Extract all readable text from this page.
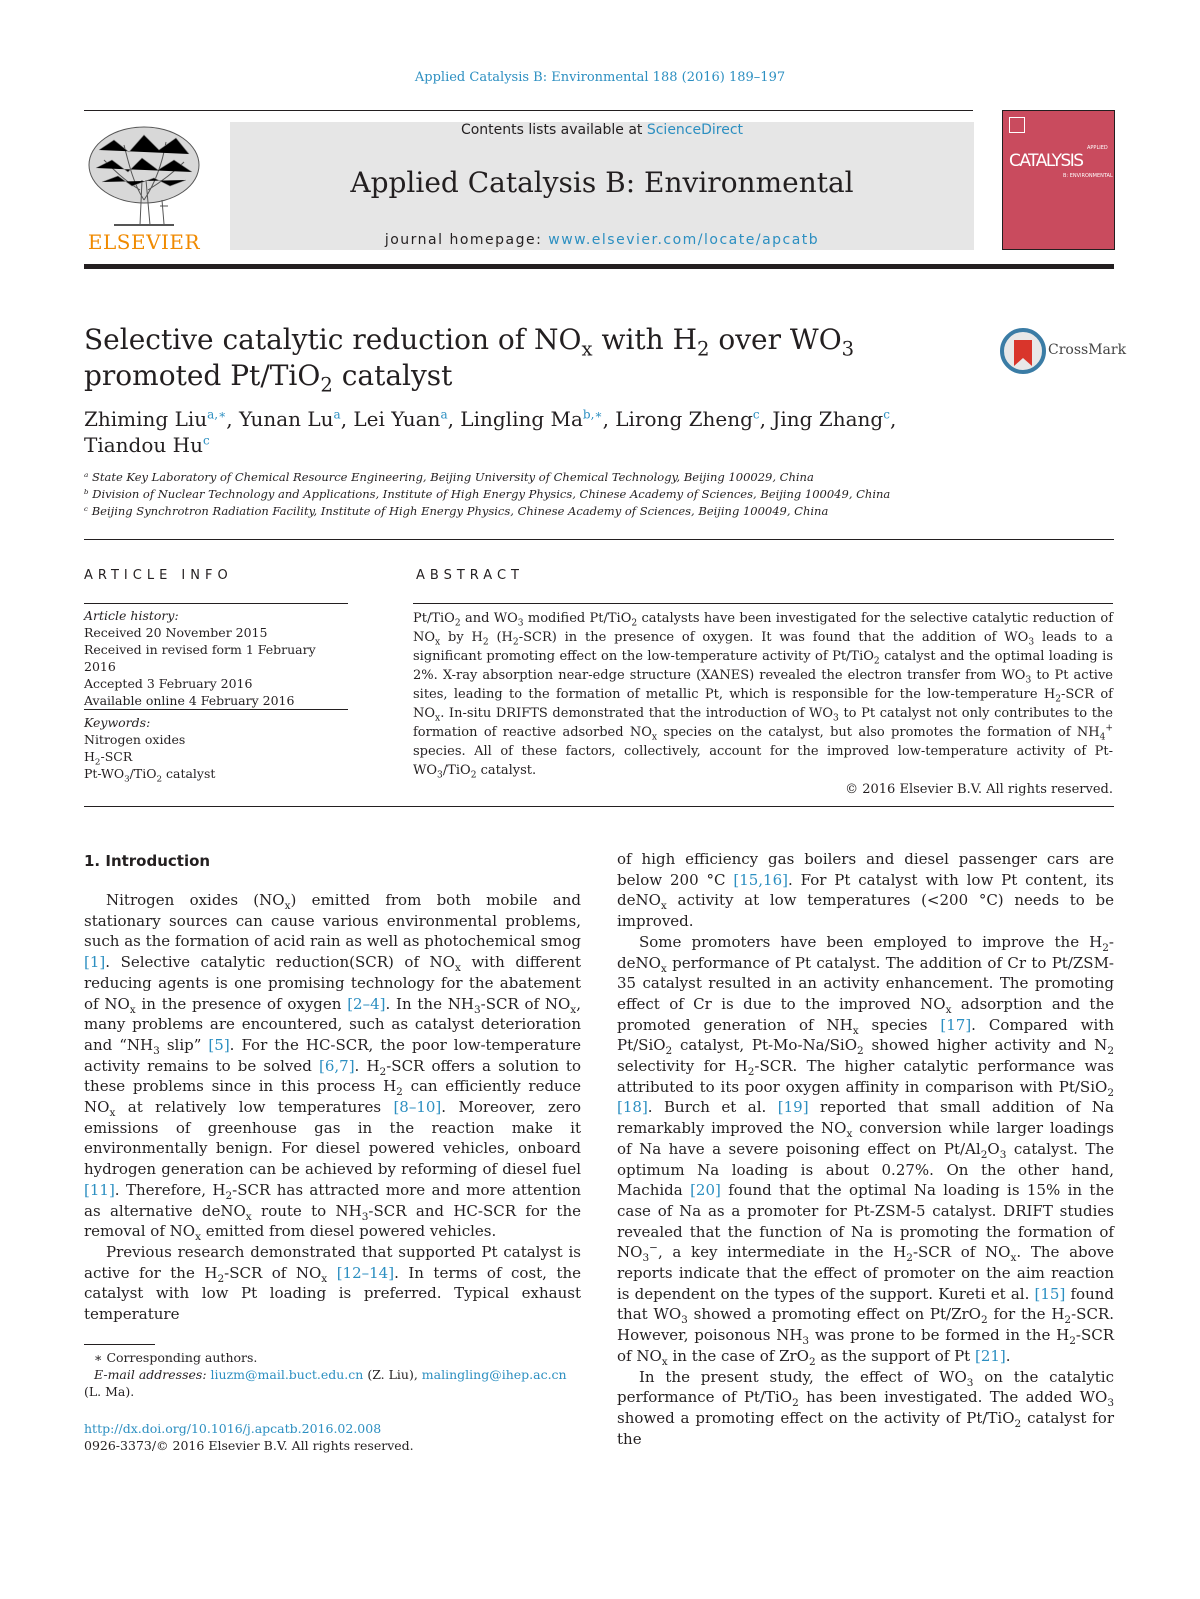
Applied Catalysis B: Environmental 188 (2016) 189–197
ELSEVIER
Contents lists available at ScienceDirect
Applied Catalysis B: Environmental
journal homepage: www.elsevier.com/locate/apcatb
APPLIED
CATALYSIS
B: ENVIRONMENTAL
Selective catalytic reduction of $NO_x$ with $H_2$ over $WO_3$ promoted Pt/TiO$_2$ catalyst
CrossMark
Zhiming Liu$^{a,∗}$, Yunan Lu$^a$, Lei Yuan$^a$, Lingling $Ma^{b,∗}$, Lirong Zheng$^c$, Jing Zhang$^c$, Tiandou Hu$^c$
ᵃ State Key Laboratory of Chemical Resource Engineering, Beijing University of Chemical Technology, Beijing 100029, China
ᵇ Division of Nuclear Technology and Applications, Institute of High Energy Physics, Chinese Academy of Sciences, Beijing 100049, China
ᶜ Beijing Synchrotron Radiation Facility, Institute of High Energy Physics, Chinese Academy of Sciences, Beijing 100049, China
ARTICLE INFO
Article history:
Received 20 November 2015
Received in revised form 1 February 2016
Accepted 3 February 2016
Available online 4 February 2016
Keywords:
Nitrogen oxides
$H_2$-SCR
$Pt-WO_3/TiO_2$ catalyst
ABSTRACT
Pt/TiO$_2$ and $WO_3$ modified Pt/TiO$_2$ catalysts have been investigated for the selective catalytic reduction of $NO_x$ by $H_2$ $(H_2-SCR)$ in the presence of oxygen. It was found that the addition of $WO_3$ leads to a significant promoting effect on the low-temperature activity of Pt/TiO$_2$ catalyst and the optimal loading is 2%. X-ray absorption near-edge structure (XANES) revealed the electron transfer from $WO_3$ to Pt active sites, leading to the formation of metallic Pt, which is responsible for the low-temperature $H_2$-SCR of $NO_x$. In-situ DRIFTS demonstrated that the introduction of $WO_3$ to Pt catalyst not only contributes to the formation of reactive adsorbed $NO_x$ species on the catalyst, but also promotes the formation of $NH_4^+$ species. All of these factors, collectively, account for the improved low-temperature activity of $Pt-WO_3/TiO_2$ catalyst.
© 2016 Elsevier B.V. All rights reserved.
1. Introduction

Nitrogen oxides $(NO_x)$ emitted from both mobile and stationary sources can cause various environmental problems, such as the formation of acid rain as well as photochemical smog [1]. Selective catalytic reduction(SCR) of $NO_x$ with different reducing agents is one promising technology for the abatement of $NO_x$ in the presence of oxygen [2–4]. In the $NH_3$-SCR of $NO_x$, many problems are encountered, such as catalyst deterioration and “$NH_3$ slip” [5]. For the HC-SCR, the poor low-temperature activity remains to be solved [6,7]. $H_2$-SCR offers a solution to these problems since in this process $H_2$ can efficiently reduce $NO_x$ at relatively low temperatures [8–10]. Moreover, zero emissions of greenhouse gas in the reaction make it environmentally benign. For diesel powered vehicles, onboard hydrogen generation can be achieved by reforming of diesel fuel [11]. Therefore, $H_2$-SCR has attracted more and more attention as alternative deNO$_x$ route to $NH_3$-SCR and HC-SCR for the removal of $NO_x$ emitted from diesel powered vehicles.

Previous research demonstrated that supported Pt catalyst is active for the $H_2$-SCR of $NO_x$ [12–14]. In terms of cost, the catalyst with low Pt loading is preferred. Typical exhaust temperature

of high efficiency gas boilers and diesel passenger cars are below 200 °C [15,16]. For Pt catalyst with low Pt content, its deNO$_x$ activity at low temperatures (<200 °C) needs to be improved.

Some promoters have been employed to improve the $H_2-deNO_x$ performance of Pt catalyst. The addition of Cr to Pt/ZSM-35 catalyst resulted in an activity enhancement. The promoting effect of Cr is due to the improved $NO_x$ adsorption and the promoted generation of $NH_x$ species [17]. Compared with Pt/SiO$_2$ catalyst, Pt-Mo-Na/SiO$_2$ showed higher activity and $N_2$ selectivity for $H_2$-SCR. The higher catalytic performance was attributed to its poor oxygen affinity in comparison with Pt/SiO$_2$ [18]. Burch et al. [19] reported that small addition of Na remarkably improved the $NO_x$ conversion while larger loadings of Na have a severe poisoning effect on $Pt/Al_2O_3$ catalyst. The optimum Na loading is about 0.27%. On the other hand, Machida [20] found that the optimal Na loading is 15% in the case of Na as a promoter for Pt-ZSM-5 catalyst. DRIFT studies revealed that the function of Na is promoting the formation of $NO_3^-$, a key intermediate in the $H_2$-SCR of $NO_x$. The above reports indicate that the effect of promoter on the aim reaction is dependent on the types of the support. Kureti et al. [15] found that $WO_3$ showed a promoting effect on Pt/ZrO$_2$ for the $H_2$-SCR. However, poisonous $NH_3$ was prone to be formed in the $H_2$-SCR of $NO_x$ in the case of ZrO$_2$ as the support of Pt [21].

In the present study, the effect of $WO_3$ on the catalytic performance of Pt/TiO$_2$ has been investigated. The added $WO_3$ showed a promoting effect on the activity of Pt/TiO$_2$ catalyst for the

∗ Corresponding authors.
E-mail addresses: liuzm@mail.buct.edu.cn (Z. Liu), malingling@ihep.ac.cn
(L. Ma).
http://dx.doi.org/10.1016/j.apcatb.2016.02.008
0926-3373/© 2016 Elsevier B.V. All rights reserved.
